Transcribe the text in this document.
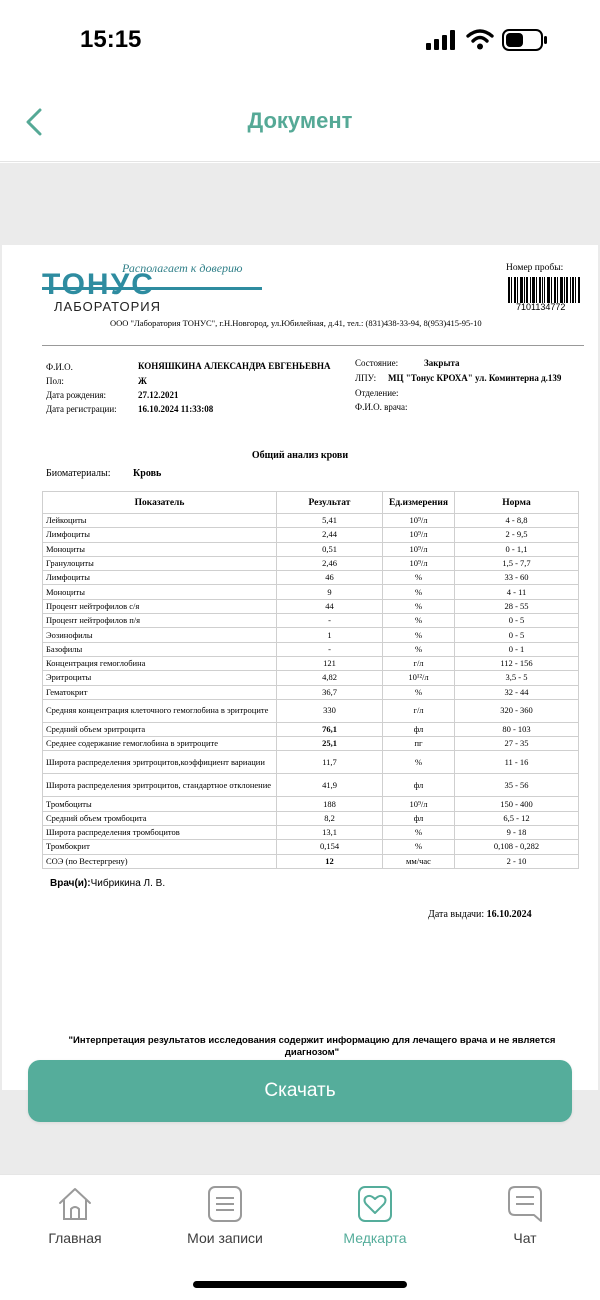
15:15
Документ
Располагает к доверию
ТОНУС
ЛАБОРАТОРИЯ
ООО "Лаборатория ТОНУС", г.Н.Новгород, ул.Юбилейная, д.41, тел.: (831)438-33-94, 8(953)415-95-10
Номер пробы:
7101134772
Ф.И.О.	КОНЯШКИНА АЛЕКСАНДРА ЕВГЕНЬЕВНА
Пол:	Ж
Дата рождения:	27.12.2021
Дата регистрации: 16.10.2024 11:33:08
Состояние:	Закрыта
ЛПУ: МЦ "Тонус КРОХА" ул. Коминтерна д.139
Отделение:
Ф.И.О. врача:
Общий анализ крови
Биоматериалы: Кровь
Показатель	Результат	Ед.измерения	Норма
Лейкоциты	5,41	10⁹/л	4 - 8,8
Лимфоциты	2,44	10⁹/л	2 - 9,5
Моноциты	0,51	10⁹/л	0 - 1,1
Гранулоциты	2,46	10⁹/л	1,5 - 7,7
Лимфоциты	46	%	33 - 60
Моноциты	9	%	4 - 11
Процент нейтрофилов с/я	44	%	28 - 55
Процент нейтрофилов п/я	-	%	0 - 5
Эозинофилы	1	%	0 - 5
Базофилы	-	%	0 - 1
Концентрация гемоглобина	121	г/л	112 - 156
Эритроциты	4,82	10¹²/л	3,5 - 5
Гематокрит	36,7	%	32 - 44
Средняя концентрация клеточного гемоглобина в эритроците	330	г/л	320 - 360
Средний объем эритроцита	76,1	фл	80 - 103
Среднее содержание гемоглобина в эритроците	25,1	пг	27 - 35
Широта распределения эритроцитов,коэффициент вариации	11,7	%	11 - 16
Широта распределения эритроцитов, стандартное отклонение	41,9	фл	35 - 56
Тромбоциты	188	10⁹/л	150 - 400
Средний объем тромбоцита	8,2	фл	6,5 - 12
Широта распределения тромбоцитов	13,1	%	9 - 18
Тромбокрит	0,154	%	0,108 - 0,282
СОЭ (по Вестергрену)	12	мм/час	2 - 10
Врач(и):Чибрикина Л. В.
Дата выдачи: 16.10.2024
"Интерпретация результатов исследования содержит информацию для лечащего врача и не является диагнозом"
Скачать
Главная	Мои записи	Медкарта	Чат
